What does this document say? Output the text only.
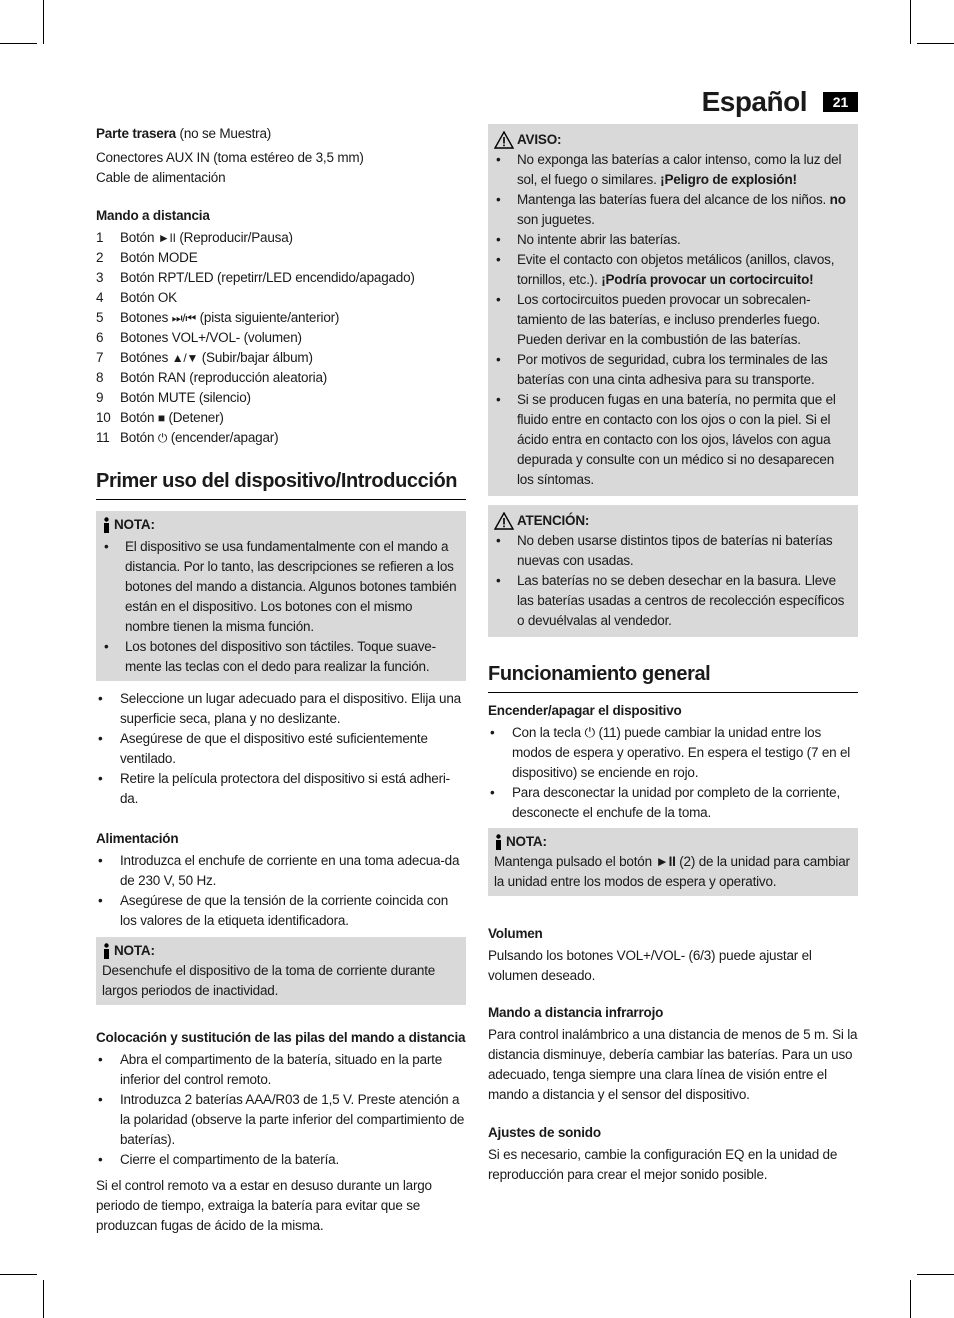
Español	21

Parte trasera (no se Muestra)

Conectores AUX IN (toma estéreo de 3,5 mm)

Cable de alimentación

Mando a distancia

1	Botón ►II (Reproducir/Pausa)
2	Botón MODE
3	Botón RPT/LED (repetirr/LED encendido/apagado)
4	Botón OK
5	Botones ⏭/⏮ (pista siguiente/anterior)
6	Botones VOL+/VOL- (volumen)
7	Botónes ▲/▼ (Subir/bajar álbum)
8	Botón RAN (reproducción aleatoria)
9	Botón MUTE (silencio)
10 Botón ■ (Detener)
11 Botón ⏻ (encender/apagar)
Primer uso del dispositivo/Introducción
NOTA:
• El dispositivo se usa fundamentalmente con el mando a distancia. Por lo tanto, las descripciones se refieren a los botones del mando a distancia. Algunos botones también están en el dispositivo. Los botones con el mismo nombre tienen la misma función.
• Los botones del dispositivo son táctiles. Toque suave-mente las teclas con el dedo para realizar la función.
• Seleccione un lugar adecuado para el dispositivo. Elija una superficie seca, plana y no deslizante.
• Asegúrese de que el dispositivo esté suficientemente ventilado.
• Retire la película protectora del dispositivo si está adheri-da.

Alimentación

• Introduzca el enchufe de corriente en una toma adecua-da de 230 V, 50 Hz.
• Asegúrese de que la tensión de la corriente coincida con los valores de la etiqueta identificadora.
NOTA:

Desenchufe el dispositivo de la toma de corriente durante largos periodos de inactividad.

Colocación y sustitución de las pilas del mando a distancia

• Abra el compartimento de la batería, situado en la parte inferior del control remoto.
• Introduzca 2 baterías AAA/R03 de 1,5 V. Preste atención a la polaridad (observe la parte inferior del compartimiento de baterías).
• Cierre el compartimento de la batería.

Si el control remoto va a estar en desuso durante un largo periodo de tiempo, extraiga la batería para evitar que se produzcan fugas de ácido de la misma.

AVISO:
• No exponga las baterías a calor intenso, como la luz del sol, el fuego o similares. ¡Peligro de explosión!
• Mantenga las baterías fuera del alcance de los niños. no son juguetes.
• No intente abrir las baterías.
• Evite el contacto con objetos metálicos (anillos, clavos, tornillos, etc.). ¡Podría provocar un cortocircuito!
• Los cortocircuitos pueden provocar un sobrecalen-tamiento de las baterías, e incluso prenderles fuego. Pueden derivar en la combustión de las baterías.
• Por motivos de seguridad, cubra los terminales de las baterías con una cinta adhesiva para su transporte.
• Si se producen fugas en una batería, no permita que el fluido entre en contacto con los ojos o con la piel. Si el ácido entra en contacto con los ojos, lávelos con agua depurada y consulte con un médico si no desaparecen los síntomas.
ATENCIÓN:
• No deben usarse distintos tipos de baterías ni baterías nuevas con usadas.
• Las baterías no se deben desechar en la basura. Lleve las baterías usadas a centros de recolección específicos o devuélvalas al vendedor.
Funcionamiento general

Encender/apagar el dispositivo

• Con la tecla ⏻ (11) puede cambiar la unidad entre los modos de espera y operativo. En espera el testigo (7 en el dispositivo) se enciende en rojo.
• Para desconectar la unidad por completo de la corriente, desconecte el enchufe de la toma.
NOTA:

Mantenga pulsado el botón ►II (2) de la unidad para cambiar la unidad entre los modos de espera y operativo.

Volumen

Pulsando los botones VOL+/VOL- (6/3) puede ajustar el volumen deseado.

Mando a distancia infrarrojo

Para control inalámbrico a una distancia de menos de 5 m. Si la distancia disminuye, debería cambiar las baterías. Para un uso adecuado, tenga siempre una clara línea de visión entre el mando a distancia y el sensor del dispositivo.

Ajustes de sonido

Si es necesario, cambie la configuración EQ en la unidad de reproducción para crear el mejor sonido posible.
